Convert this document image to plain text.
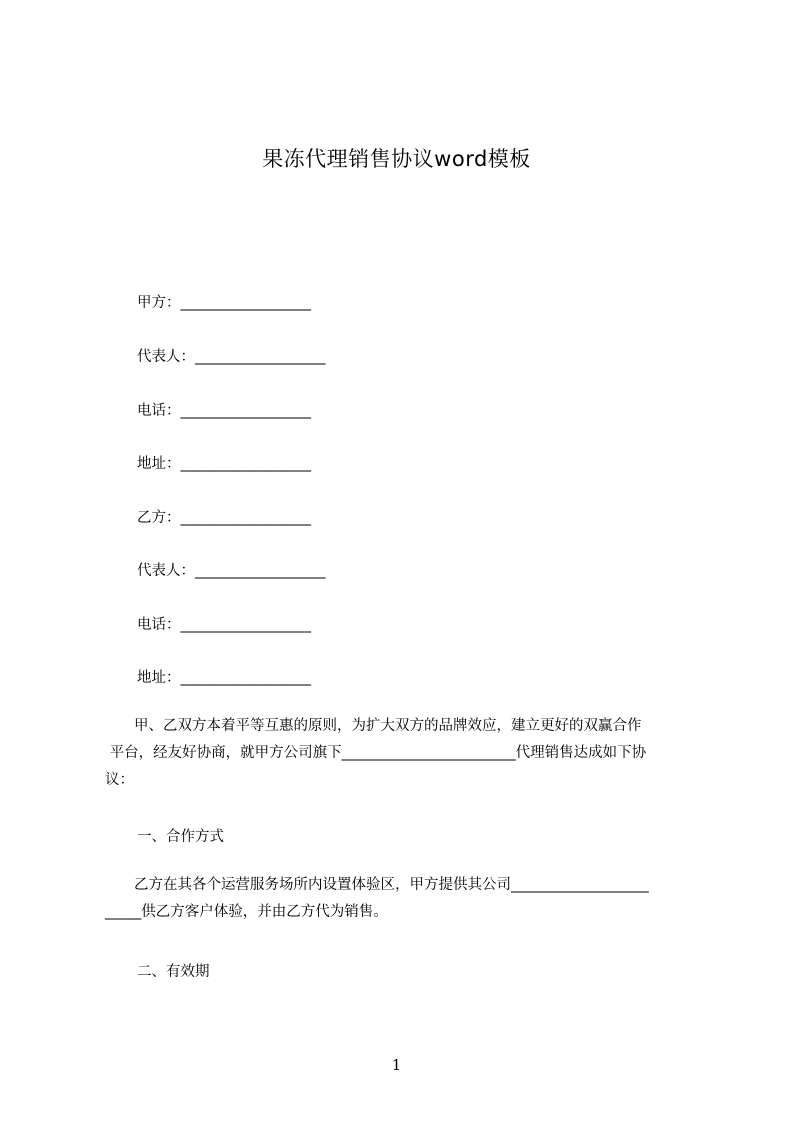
果冻代理销售协议word模板
甲方：__________________
代表人：__________________
电话：__________________
地址：__________________
乙方：__________________
代表人：__________________
电话：__________________
地址：__________________
　　甲、乙双方本着平等互惠的原则，为扩大双方的品牌效应，建立更好的双赢合作
平台，经友好协商，就甲方公司旗下________________________代理销售达成如下协
议：
一、合作方式
　　乙方在其各个运营服务场所内设置体验区，甲方提供其公司___________________
_____供乙方客户体验，并由乙方代为销售。
二、有效期
1
